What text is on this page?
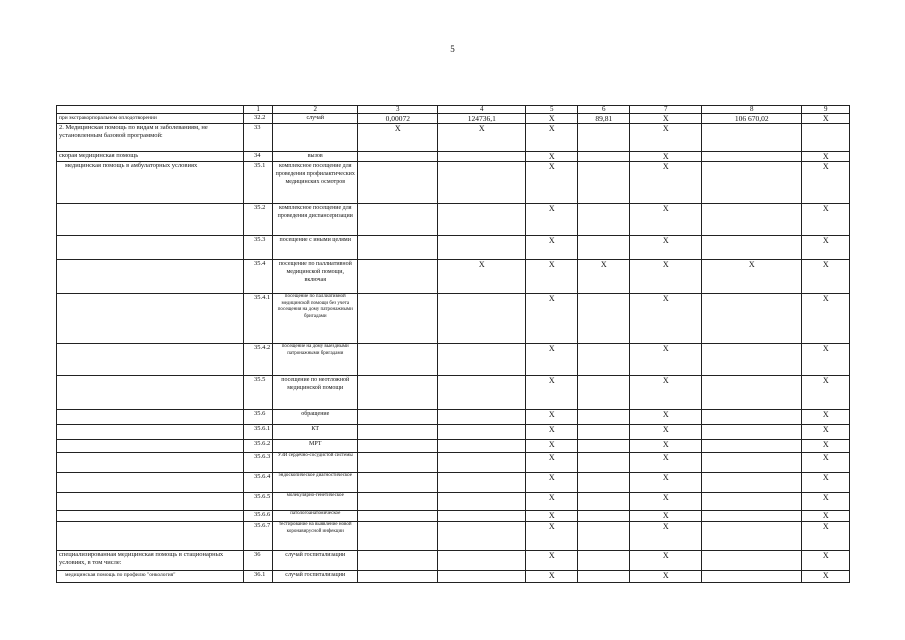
5
	1	2	3	4	5	6	7	8	9
при экстракорпоральном оплодотворении	32.2	случай	0,00072	124736,1	Х	89,81	Х	106 670,02	Х
2. Медицинская помощь по видам и заболеваниям, не установленным базовой программой:	33		Х	Х	Х		Х		
скорая медицинская помощь	34	вызов			Х		Х		Х
медицинская помощь в амбулаторных условиях	35.1	комплексное посещение для проведения профилактических медицинских осмотров			Х		Х		Х
	35.2	комплексное посещение для проведения диспансеризации			Х		Х		Х
	35.3	посещение с иными целями			Х		Х		Х
	35.4	посещение по паллиативной медицинской помощи, включая		Х	Х	Х	Х	Х	Х
	35.4.1	посещение по паллиативной медицинской помощи без учета посещения на дому патронажными бригадами			Х		Х		Х
	35.4.2	посещение на дому выездными патронажными бригадами			Х		Х		Х
	35.5	посещение по неотложной медицинской помощи			Х		Х		Х
	35.6	обращение			Х		Х		Х
	35.6.1	КТ			Х		Х		Х
	35.6.2	МРТ			Х		Х		Х
	35.6.3	УЗИ сердечно-сосудистой системы			Х		Х		Х
	35.6.4	эндоскопическое диагностическое			Х		Х		Х
	35.6.5	молекулярно-генетическое			Х		Х		Х
	35.6.6	патологоанатомическое			Х		Х		Х
	35.6.7	тестирование на выявление новой коронавирусной инфекции			Х		Х		Х
специализированная медицинская помощь в стационарных условиях, в том числе:	36	случай госпитализации			Х		Х		Х
медицинская помощь по профилю "онкология"	36.1	случай госпитализации			Х		Х		Х
